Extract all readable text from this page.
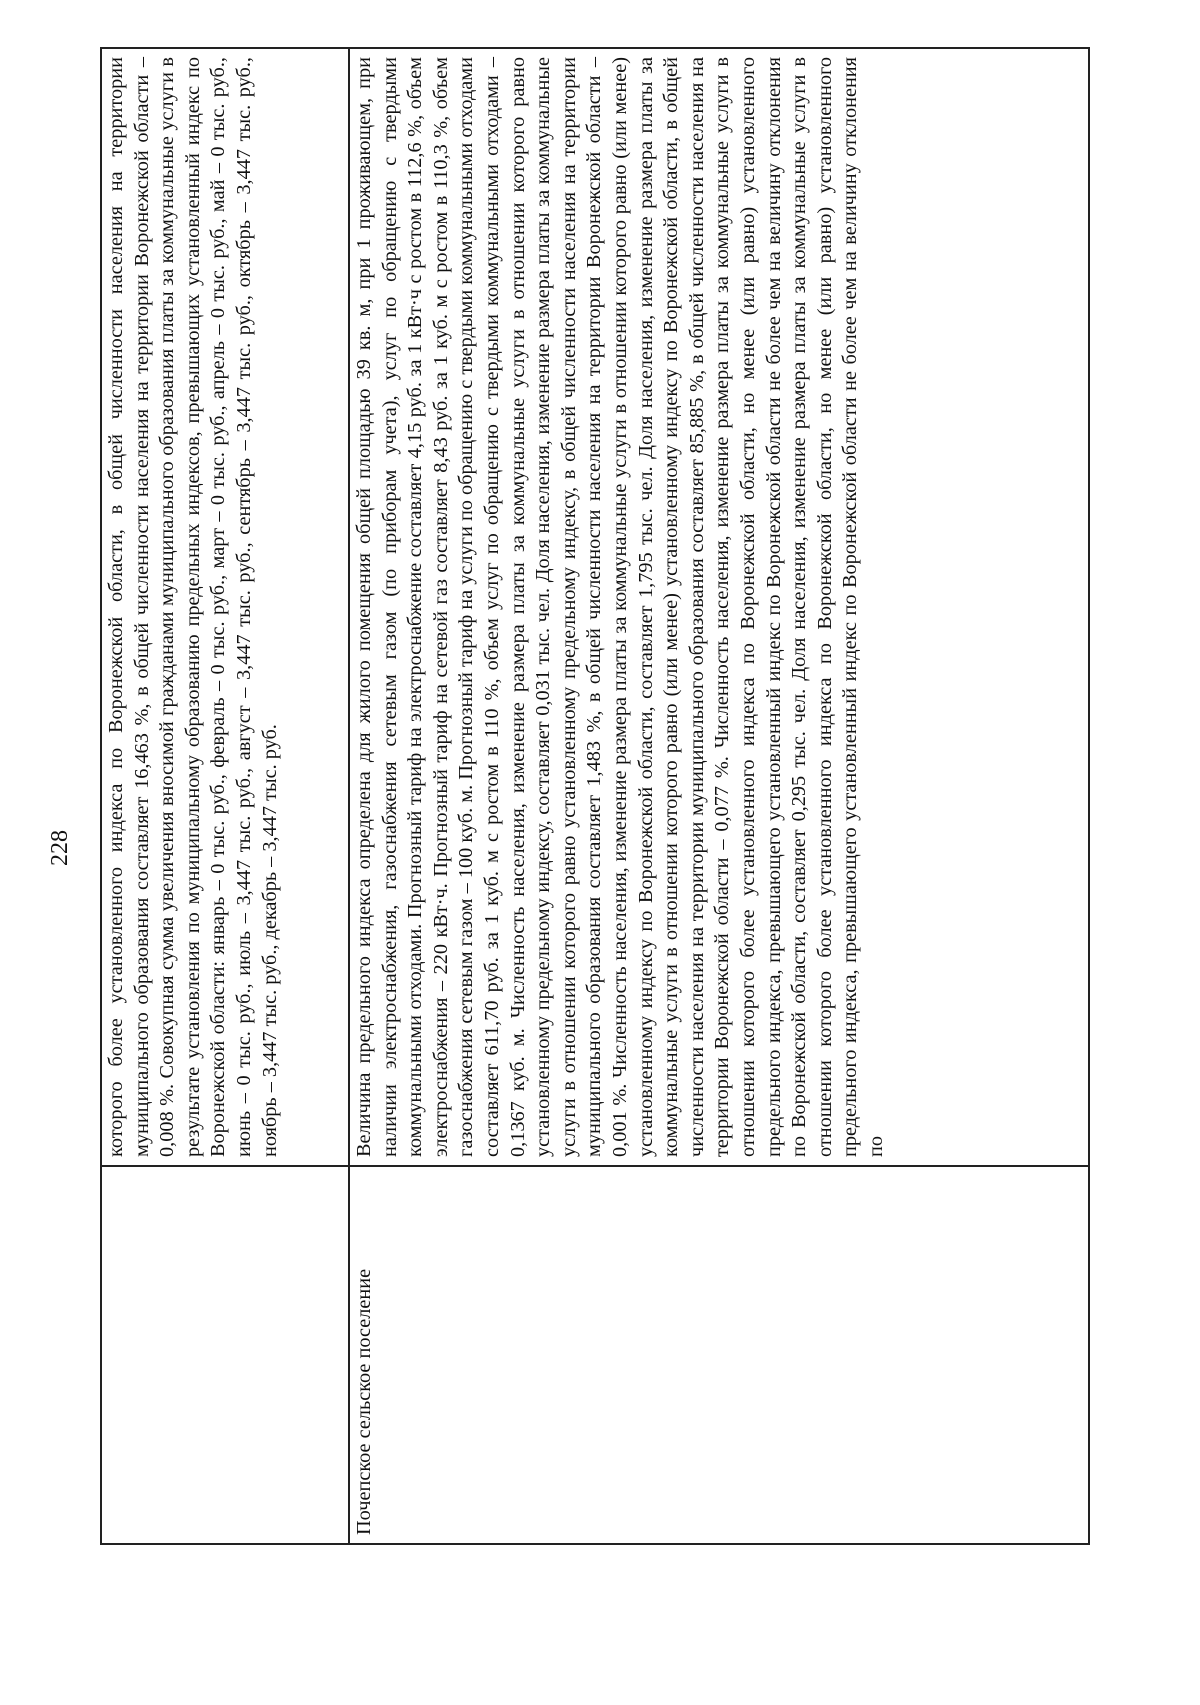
228

	которого более установленного индекса по Воронежской области, в общей численности населения на территории муниципального образования составляет 16,463 %, в общей численности населения на территории Воронежской области – 0,008 %. Совокупная сумма увеличения вносимой гражданами муниципального образования платы за коммунальные услуги в результате установления по муниципальному образованию предельных индексов, превышающих установленный индекс по Воронежской области: январь – 0 тыс. руб., февраль – 0 тыс. руб., март – 0 тыс. руб., апрель – 0 тыс. руб., май – 0 тыс. руб., июнь – 0 тыс. руб., июль – 3,447 тыс. руб., август – 3,447 тыс. руб., сентябрь – 3,447 тыс. руб., октябрь – 3,447 тыс. руб., ноябрь – 3,447 тыс. руб., декабрь – 3,447 тыс. руб.

Почепское сельское поселение	Величина предельного индекса определена для жилого помещения общей площадью 39 кв. м, при 1 проживающем, при наличии электроснабжения, газоснабжения сетевым газом (по приборам учета), услуг по обращению с твердыми коммунальными отходами. Прогнозный тариф на электроснабжение составляет 4,15 руб. за 1 кВт·ч с ростом в 112,6 %, объем электроснабжения – 220 кВт·ч. Прогнозный тариф на сетевой газ составляет 8,43 руб. за 1 куб. м с ростом в 110,3 %, объем газоснабжения сетевым газом – 100 куб. м. Прогнозный тариф на услуги по обращению с твердыми коммунальными отходами составляет 611,70 руб. за 1 куб. м с ростом в 110 %, объем услуг по обращению с твердыми коммунальными отходами – 0,1367 куб. м. Численность населения, изменение размера платы за коммунальные услуги в отношении которого равно установленному предельному индексу, составляет 0,031 тыс. чел. Доля населения, изменение размера платы за коммунальные услуги в отношении которого равно установленному предельному индексу, в общей численности населения на территории муниципального образования составляет 1,483 %, в общей численности населения на территории Воронежской области – 0,001 %. Численность населения, изменение размера платы за коммунальные услуги в отношении которого равно (или менее) установленному индексу по Воронежской области, составляет 1,795 тыс. чел. Доля населения, изменение размера платы за коммунальные услуги в отношении которого равно (или менее) установленному индексу по Воронежской области, в общей численности населения на территории муниципального образования составляет 85,885 %, в общей численности населения на территории Воронежской области – 0,077 %. Численность населения, изменение размера платы за коммунальные услуги в отношении которого более установленного индекса по Воронежской области, но менее (или равно) установленного предельного индекса, превышающего установленный индекс по Воронежской области не более чем на величину отклонения по Воронежской области, составляет 0,295 тыс. чел. Доля населения, изменение размера платы за коммунальные услуги в отношении которого более установленного индекса по Воронежской области, но менее (или равно) установленного предельного индекса, превышающего установленный индекс по Воронежской области не более чем на величину отклонения по
